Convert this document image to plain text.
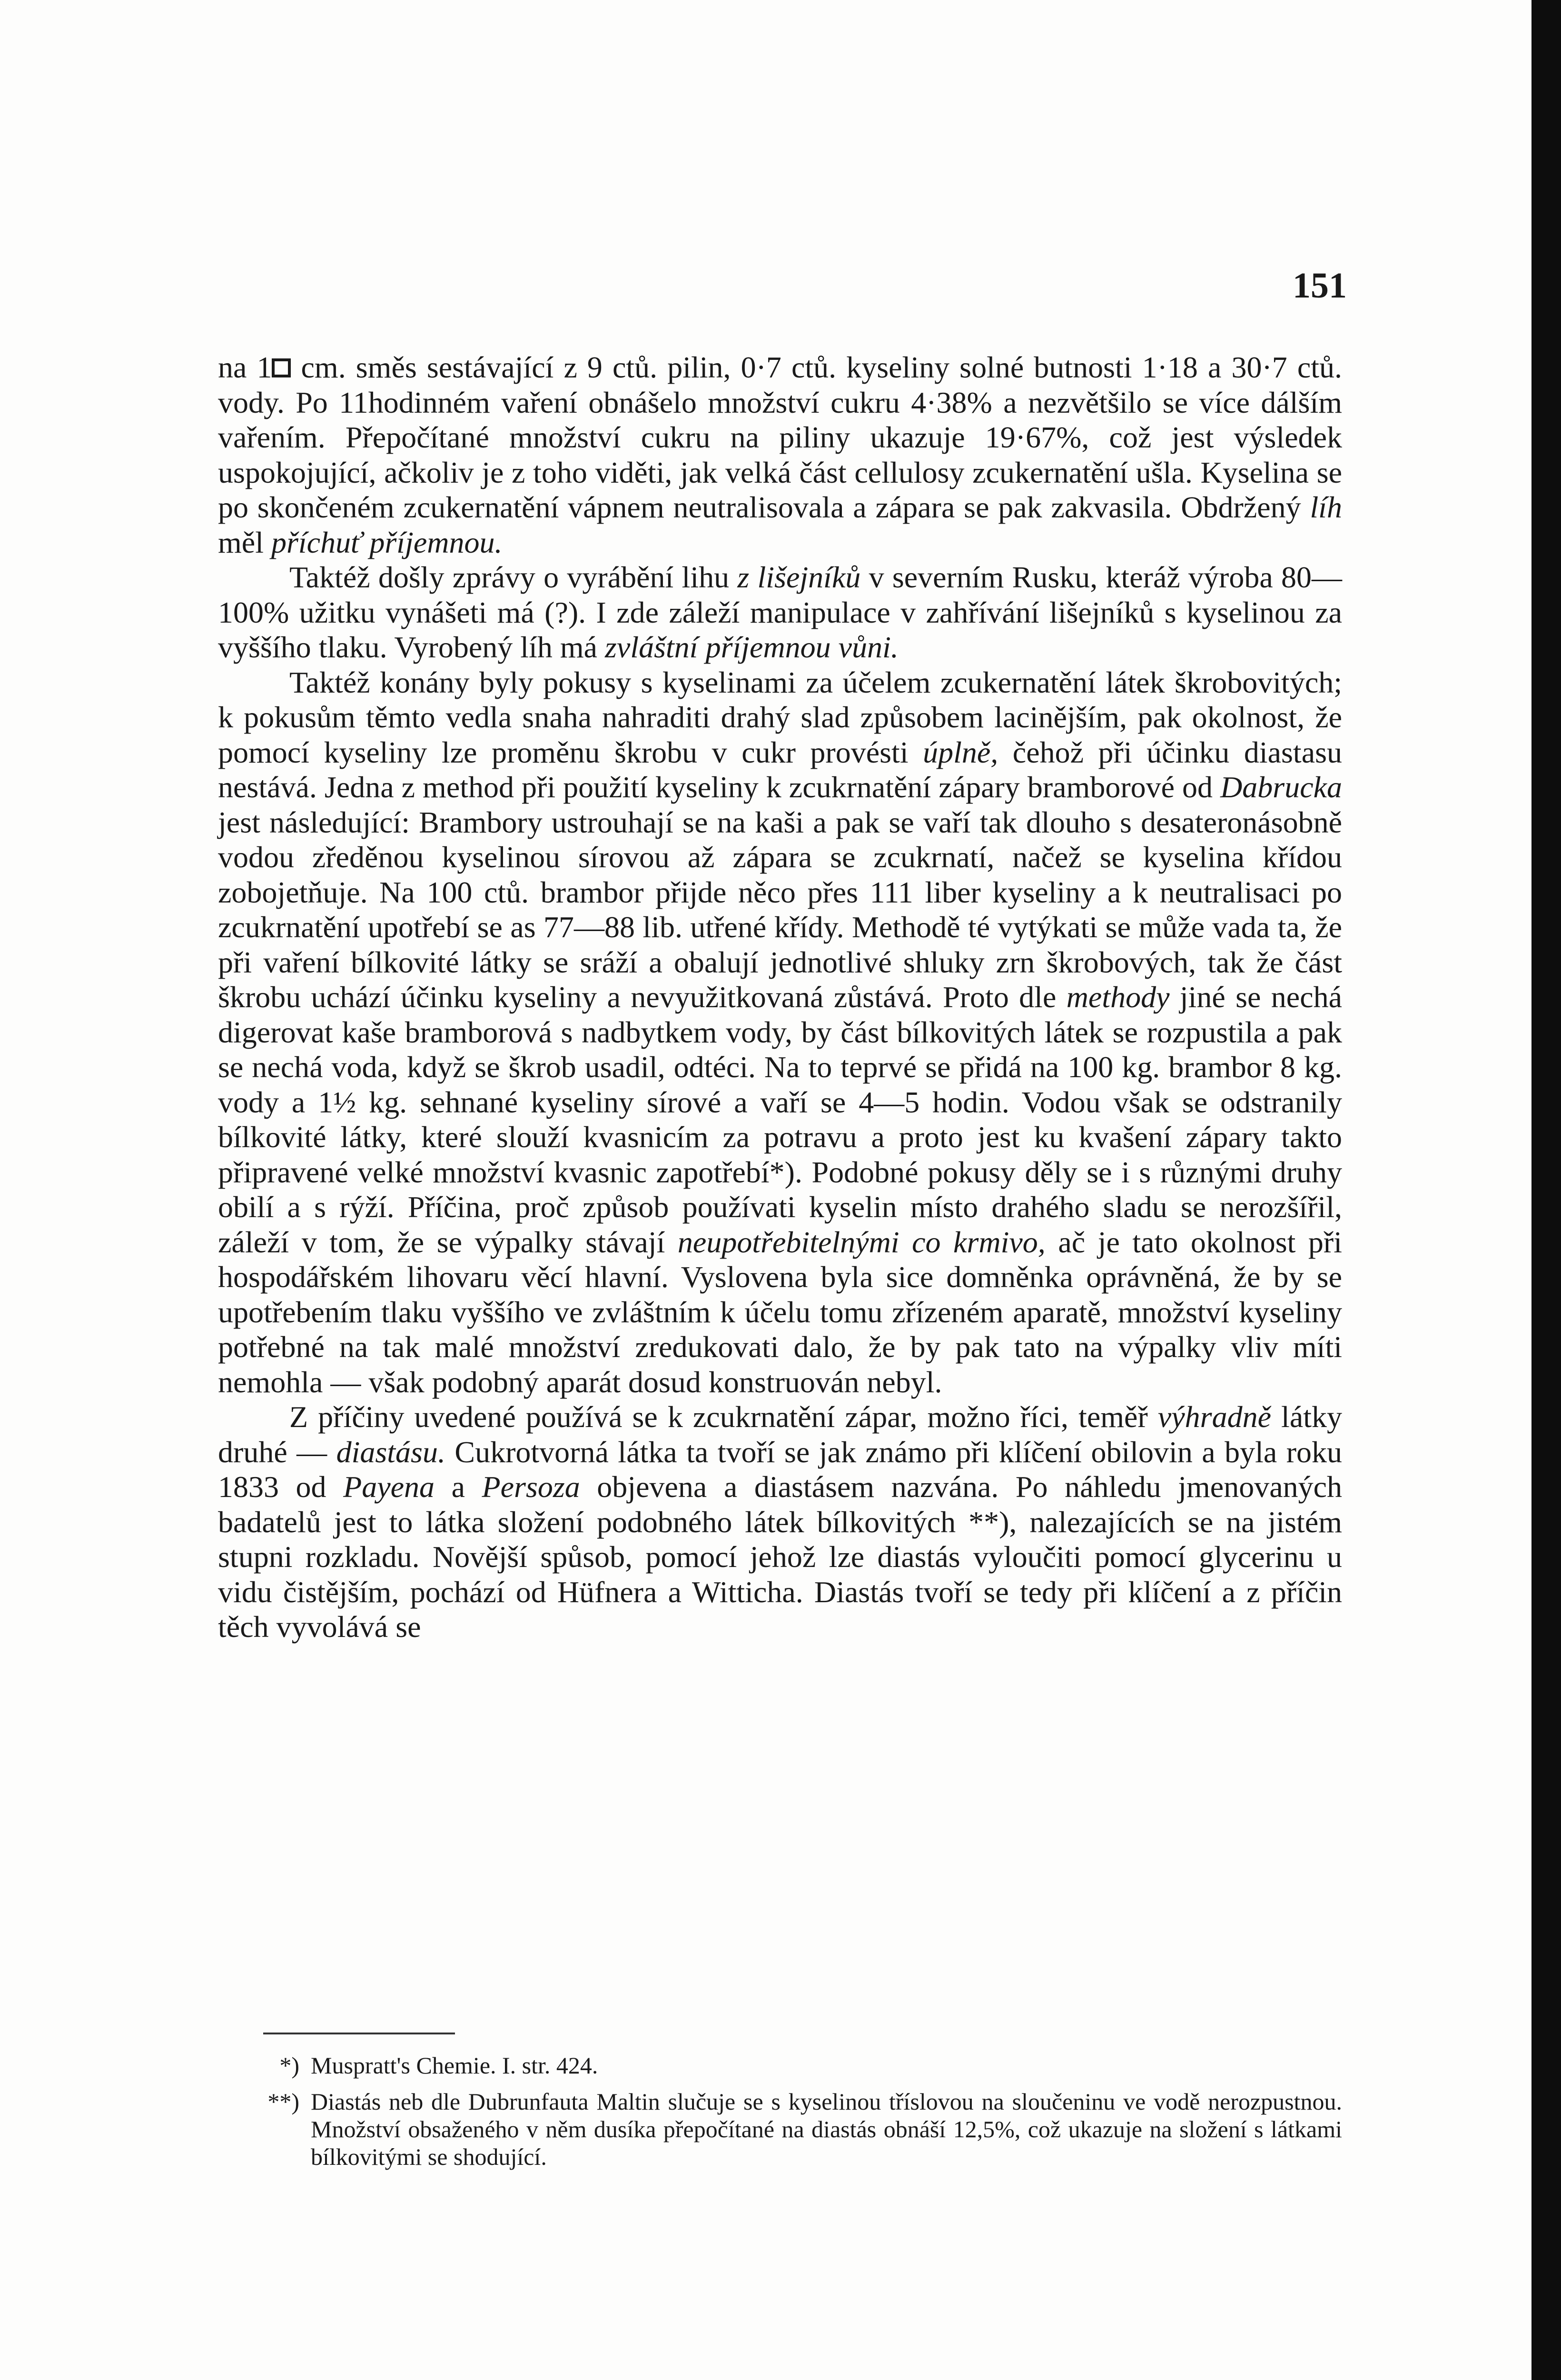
151

na 1 cm. směs sestávající z 9 ctů. pilin, 0·7 ctů. kyseliny solné butnosti 1·18 a 30·7 ctů. vody. Po 11hodinném vaření obnášelo množství cukru 4·38% a nezvětšilo se více dálším vařením. Přepočítané množství cukru na piliny ukazuje 19·67%, což jest výsledek uspokojující, ačkoliv je z toho viděti, jak velká část cellulosy zcukernatění ušla. Kyselina se po skončeném zcukernatění vápnem neutralisovala a zápara se pak zakvasila. Obdržený líh měl příchuť příjemnou.

Taktéž došly zprávy o vyrábění lihu z lišejníků v severním Rusku, kteráž výroba 80—100% užitku vynášeti má (?). I zde záleží manipulace v zahřívání lišejníků s kyselinou za vyššího tlaku. Vyrobený líh má zvláštní příjemnou vůni.

Taktéž konány byly pokusy s kyselinami za účelem zcukernatění látek škrobovitých; k pokusům těmto vedla snaha nahraditi drahý slad způsobem lacinějším, pak okolnost, že pomocí kyseliny lze proměnu škrobu v cukr provésti úplně, čehož při účinku diastasu nestává. Jedna z method při použití kyseliny k zcukrnatění zápary bramborové od Dabrucka jest následující: Brambory ustrouhají se na kaši a pak se vaří tak dlouho s desateronásobně vodou zředěnou kyselinou sírovou až zápara se zcukrnatí, načež se kyselina křídou zobojetňuje. Na 100 ctů. brambor přijde něco přes 111 liber kyseliny a k neutralisaci po zcukrnatění upotřebí se as 77—88 lib. utřené křídy. Methodě té vytýkati se může vada ta, že při vaření bílkovité látky se sráží a obalují jednotlivé shluky zrn škrobových, tak že část škrobu uchází účinku kyseliny a nevyužitkovaná zůstává. Proto dle methody jiné se nechá digerovat kaše bramborová s nadbytkem vody, by část bílkovitých látek se rozpustila a pak se nechá voda, když se škrob usadil, odtéci. Na to teprvé se přidá na 100 kg. brambor 8 kg. vody a 1½ kg. sehnané kyseliny sírové a vaří se 4—5 hodin. Vodou však se odstranily bílkovité látky, které slouží kvasnicím za potravu a proto jest ku kvašení zápary takto připravené velké množství kvasnic zapotřebí*). Podobné pokusy děly se i s různými druhy obilí a s rýží. Příčina, proč způsob používati kyselin místo drahého sladu se nerozšířil, záleží v tom, že se výpalky stávají neupotřebitelnými co krmivo, ač je tato okolnost při hospodářském lihovaru věcí hlavní. Vyslovena byla sice domněnka oprávněná, že by se upotřebením tlaku vyššího ve zvláštním k účelu tomu zřízeném aparatě, množství kyseliny potřebné na tak malé množství zredukovati dalo, že by pak tato na výpalky vliv míti nemohla — však podobný aparát dosud konstruován nebyl.

Z příčiny uvedené používá se k zcukrnatění zápar, možno říci, teměř výhradně látky druhé — diastásu. Cukrotvorná látka ta tvoří se jak známo při klíčení obilovin a byla roku 1833 od Payena a Persoza objevena a diastásem nazvána. Po náhledu jmenovaných badatelů jest to látka složení podobného látek bílkovitých **), nalezajících se na jistém stupni rozkladu. Novější spůsob, pomocí jehož lze diastás vyloučiti pomocí glycerinu u vidu čistějším, pochází od Hüfnera a Witticha. Diastás tvoří se tedy při klíčení a z příčin těch vyvolává se

*) Muspratt's Chemie. I. str. 424.

**) Diastás neb dle Dubrunfauta Maltin slučuje se s kyselinou tříslovou na sloučeninu ve vodě nerozpustnou. Množství obsaženého v něm dusíka přepočítané na diastás obnáší 12,5%, což ukazuje na složení s látkami bílkovitými se shodující.
